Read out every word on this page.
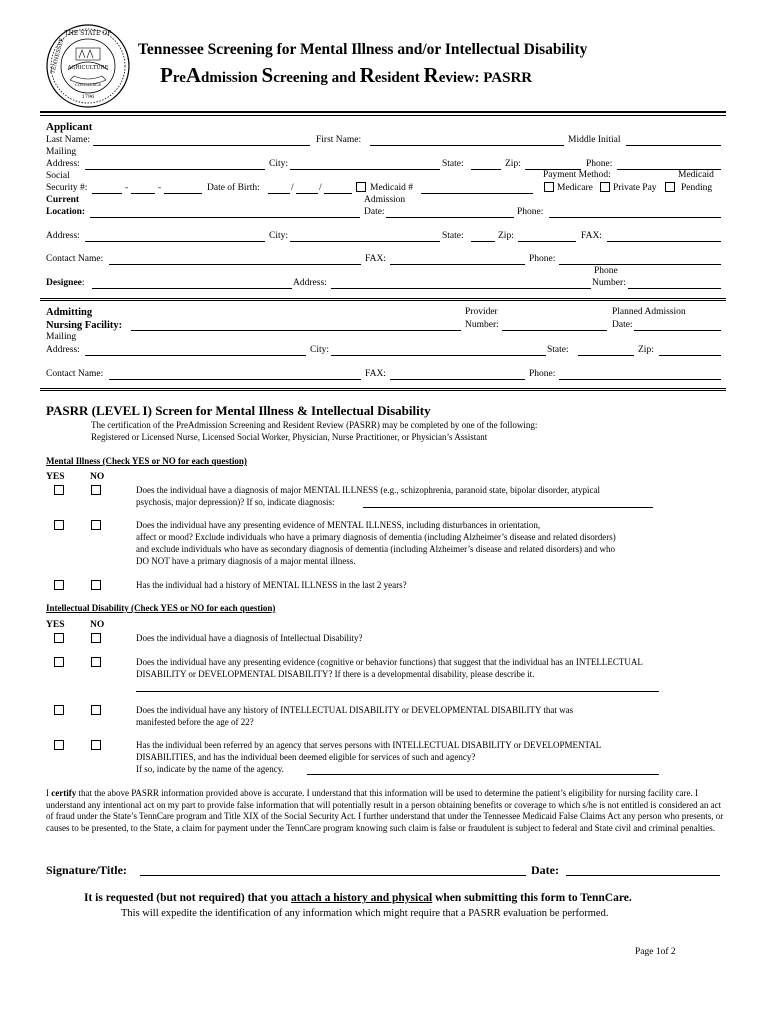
THE STATE OF
TENNESSEE AGRICULTURE
COMMERCE
1796
Tennessee Screening for Mental Illness and/or Intellectual Disability
PreAdmission Screening and Resident Review: PASRR
Applicant
Last Name:	First Name:	Middle Initial
Mailing
Address:	City:	State:	Zip:	Phone:
Social	Payment Method:	Medicaid
Security #:	-	-	Date of Birth:	/	/	Medicaid #	Medicare Private Pay	Pending
Current	Admission
Location:	Date:	Phone:
Address:	City:	State:	Zip:	FAX:
Contact Name:	FAX:	Phone:
Phone
Designee:	Address:	Number:
Admitting	Provider	Planned Admission
Nursing Facility:	Number:	Date:
Mailing
Address:	City:	State:	Zip:
Contact Name:	FAX:	Phone:
PASRR (LEVEL I) Screen for Mental Illness & Intellectual Disability
The certification of the PreAdmission Screening and Resident Review (PASRR) may be completed by one of the following:
Registered or Licensed Nurse, Licensed Social Worker, Physician, Nurse Practitioner, or Physician’s Assistant
Mental Illness (Check YES or NO for each question)
YES	NO
Does the individual have a diagnosis of major MENTAL ILLNESS (e.g., schizophrenia, paranoid state, bipolar disorder, atypical
psychosis, major depression)? If so, indicate diagnosis:
Does the individual have any presenting evidence of MENTAL ILLNESS, including disturbances in orientation,
affect or mood? Exclude individuals who have a primary diagnosis of dementia (including Alzheimer’s disease and related disorders)
and exclude individuals who have as secondary diagnosis of dementia (including Alzheimer’s disease and related disorders) and who
DO NOT have a primary diagnosis of a major mental illness.
Has the individual had a history of MENTAL ILLNESS in the last 2 years?
Intellectual Disability (Check YES or NO for each question)
YES	NO
Does the individual have a diagnosis of Intellectual Disability?
Does the individual have any presenting evidence (cognitive or behavior functions) that suggest that the individual has an INTELLECTUAL
DISABILITY or DEVELOPMENTAL DISABILITY? If there is a developmental disability, please describe it.
Does the individual have any history of INTELLECTUAL DISABILITY or DEVELOPMENTAL DISABILITY that was
manifested before the age of 22?
Has the individual been referred by an agency that serves persons with INTELLECTUAL DISABILITY or DEVELOPMENTAL
DISABILITIES, and has the individual been deemed eligible for services of such and agency?
If so, indicate by the name of the agency.
I certify that the above PASRR information provided above is accurate. I understand that this information will be used to determine the patient’s eligibility for nursing facility care. I understand any intentional act on my part to provide false information that will potentially result in a person obtaining benefits or coverage to which s/he is not entitled is considered an act of fraud under the State’s TennCare program and Title XIX of the Social Security Act. I further understand that under the Tennessee Medicaid False Claims Act any person who presents, or causes to be presented, to the State, a claim for payment under the TennCare program knowing such claim is false or fraudulent is subject to federal and State civil and criminal penalties.
Signature/Title:	Date:
It is requested (but not required) that you attach a history and physical when submitting this form to TennCare.
This will expedite the identification of any information which might require that a PASRR evaluation be performed.
Page 1of 2
